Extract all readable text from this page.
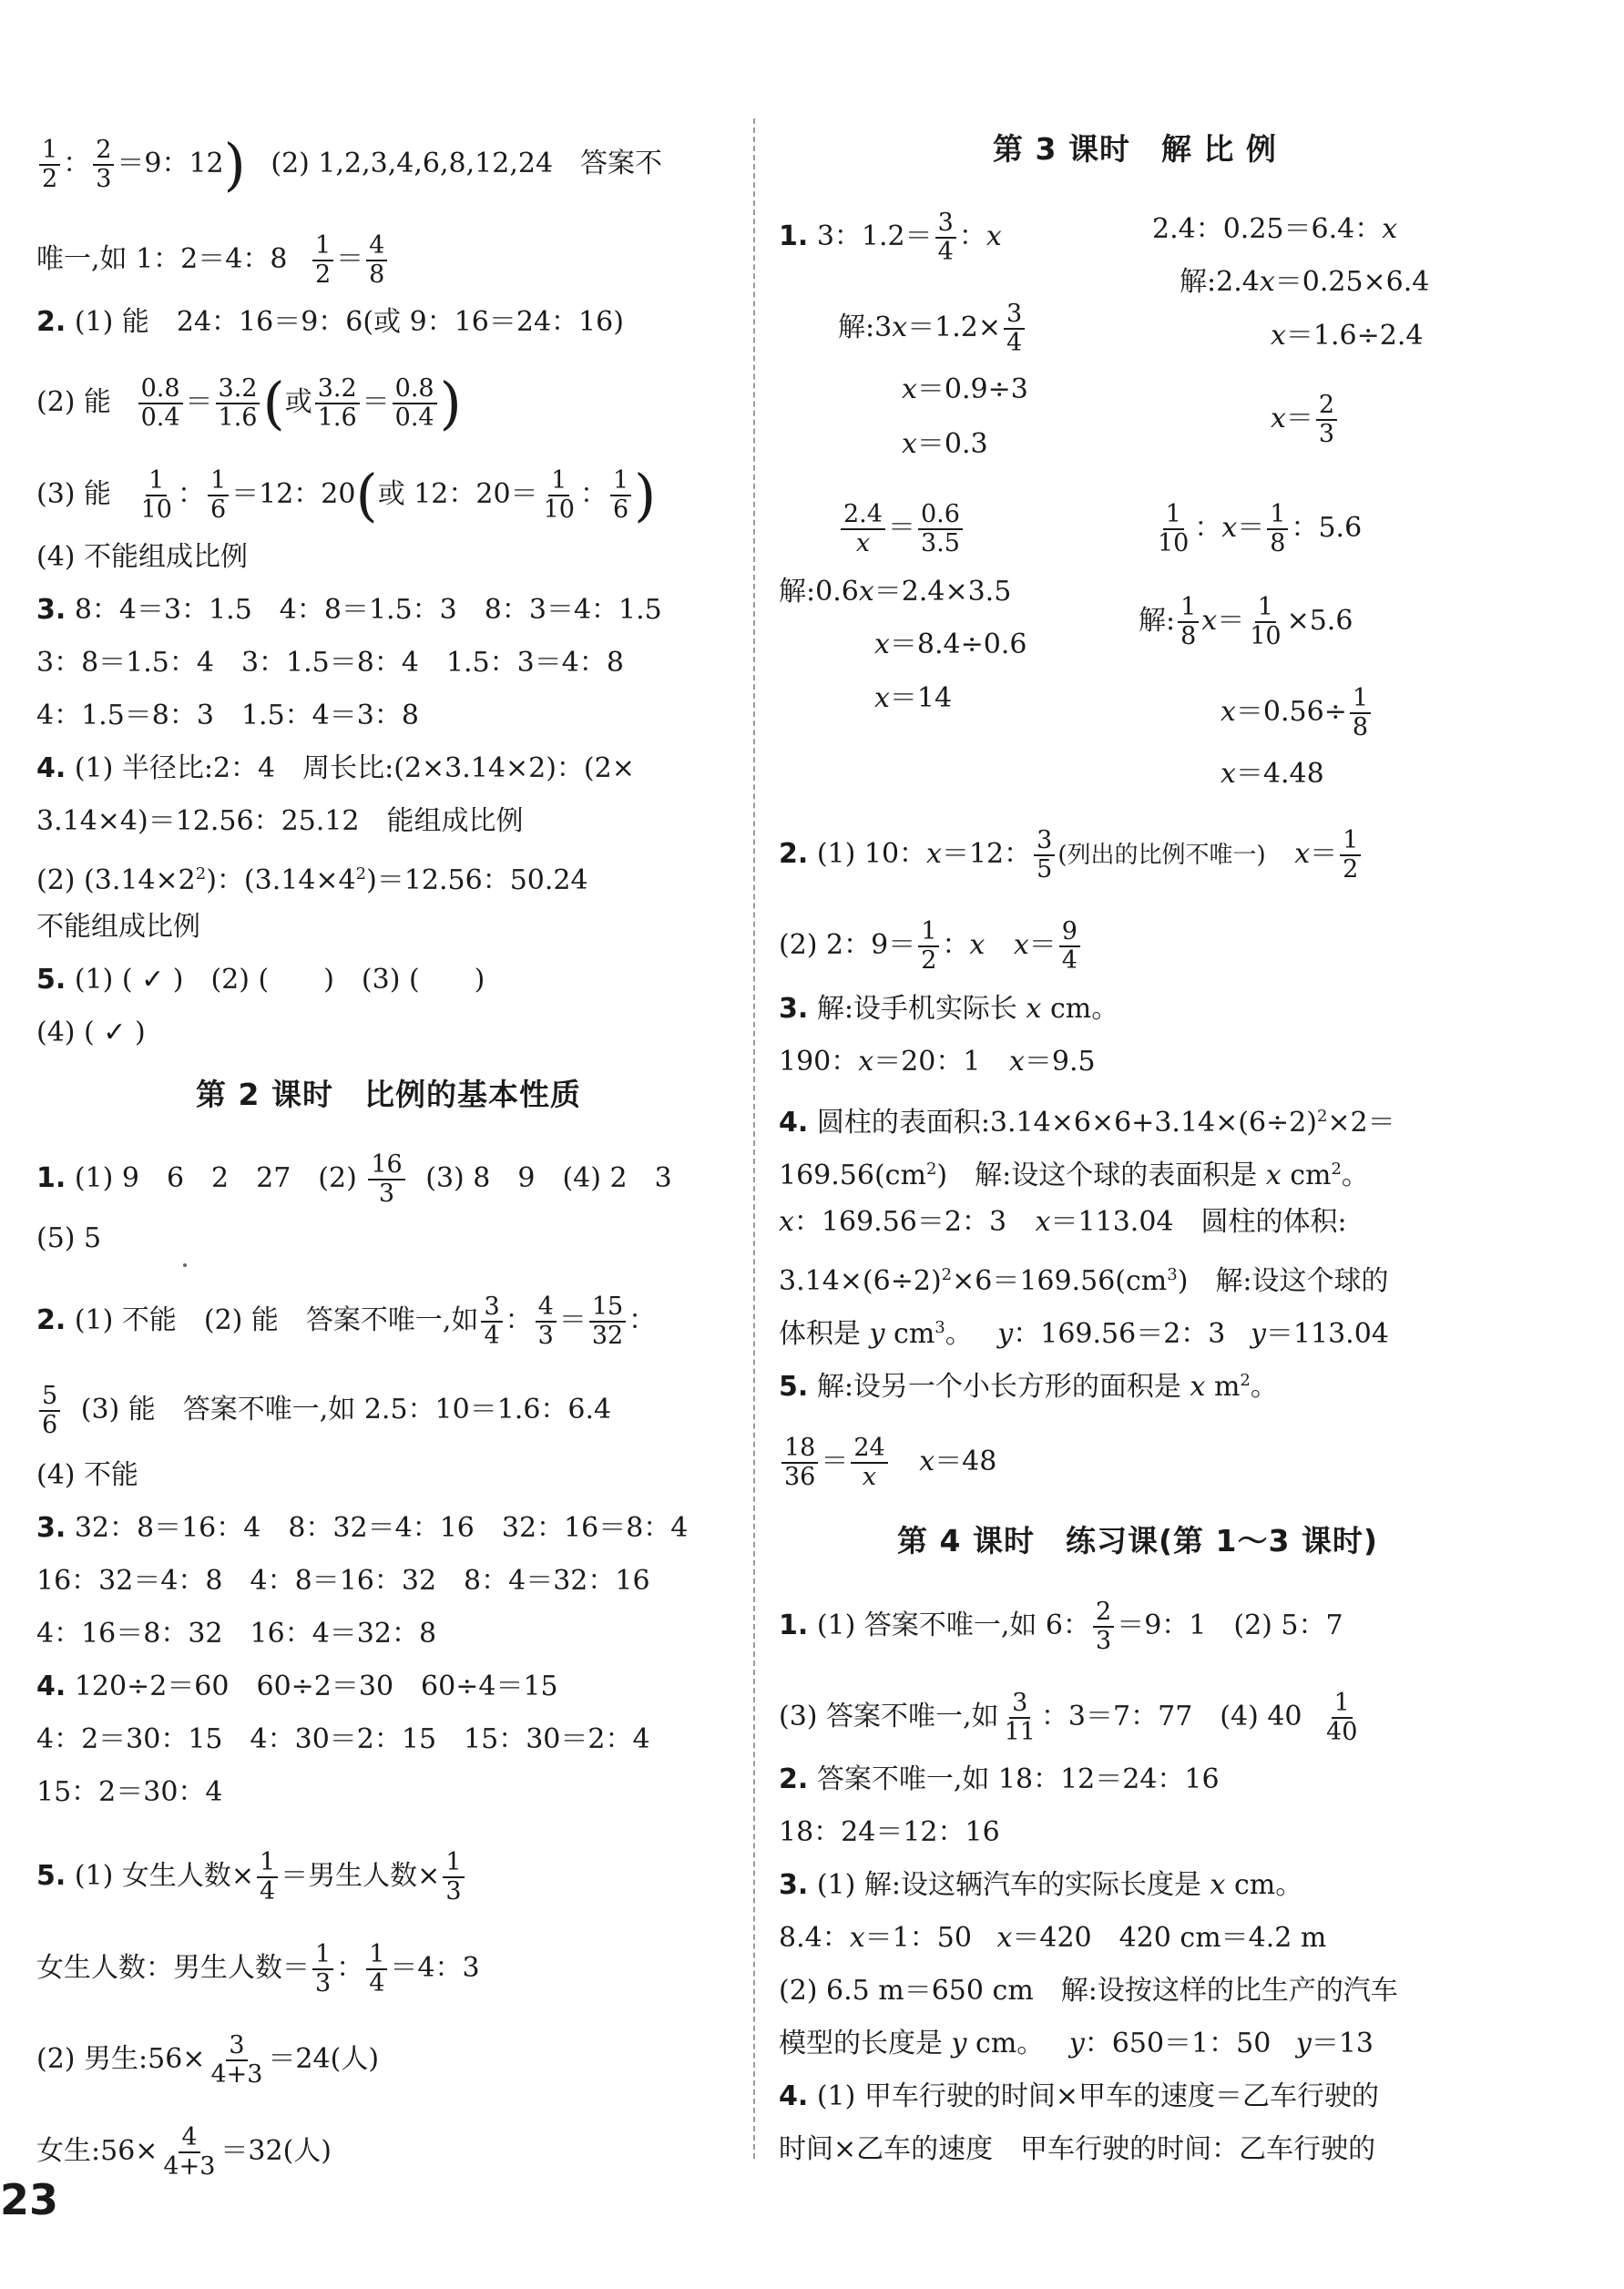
$\frac{1}{2}$ ： $\frac{2}{3} =9$：12) (2) 1,2,3,4,6,8,12,24　答案不
唯一,如 1：2＝4：$8 \frac{1}{2} = \frac{4}{8}$
2. (1) 能　24：16＝9：6(或 9：16＝24：16)
(2) 能 $\frac{0.8}{0.4} = \frac{3.2}{1.6}$ (或 $\frac{3.2}{1.6} = \frac{0.8}{0.4}$ )
(3) 能 $\frac{1}{10}$ ： $\frac{1}{6} =12$：20(或 12：$20= \frac{1}{10}$ ： $\frac{1}{6}$ )
(4) 不能组成比例
3. 8：4＝3：1.5　4：8＝1.5：3　8：3＝4：1.5
3：8＝1.5：4　3：1.5＝8：4　1.5：3＝4：8
4：1.5＝8：3　1.5：4＝3：8
4. (1) 半径比:2：4　周长比:(2×3.14×2)：(2×
3.14×4)＝12.56：25.12　能组成比例
(2) $(3.14\times 2^2)$：$(3.14\times 4^2)=12.56$：50.24
不能组成比例
5. (1) ( ✓ )　(2) (　　)　(3) (　　)
(4) ( ✓ )
第 2 课时　比例的基本性质
1. (1) 9　6　2　27　$(2) \frac{16}{3} (3)$ 8　9　(4) 2　3
(5) 5
2. (1) 不能　(2) 能　答案不唯一,如 $\frac{3}{4}$ ： $\frac{4}{3} = \frac{15}{32}$ ：
$\frac{5}{6} (3)$ 能　答案不唯一,如 2.5：10＝1.6：6.4
(4) 不能
3. 32：8＝16：4　8：32＝4：16　32：16＝8：4
16：32＝4：8　4：8＝16：32　8：4＝32：16
4：16＝8：32　16：4＝32：8
4. 120÷2＝60　60÷2＝30　60÷4＝15
4：2＝30：15　4：30＝2：15　15：30＝2：4
15：2＝30：4
5. (1) 女生人数× $\frac{1}{4}$ ＝男生人数× $\frac{1}{3}$
女生人数：男生人数＝ $\frac{1}{3}$ ： $\frac{1}{4} =4$：3
(2) 男生:56× $\frac{3}{4+3} =24$(人)
女生:56× $\frac{4}{4+3} =32$(人)
第 3 课时　解 比 例
1. 3：$1.2= \frac{3}{4}$ ：x	2.4：0.25＝6.4：x
解:3x＝1.2× $\frac{3}{4}$
解:2.4x＝0.25×6.4
x＝1.6÷2.4
x＝0.9÷3
$x= \frac{2}{3}$
x＝0.3
$\frac{2.4}{x} = \frac{0.6}{3.5}$	$\frac{1}{10}$ ：$x= \frac{1}{8}$ ：5.6
解:0.6x＝2.4×3.5
解: $\frac{1}{8} x= \frac{1}{10} \times 5.6$
x＝8.4÷0.6
x＝14	$x=0.56\div \frac{1}{8}$
x＝4.48
2. (1) 10：x＝12： $\frac{3}{5}$ (列出的比例不唯一) $x= \frac{1}{2}$
(2) 2：$9= \frac{1}{2}$ ：x $x= \frac{9}{4}$
3. 解:设手机实际长 x cm。
190：x＝20：1 x＝9.5
4. 圆柱的表面积$:3.14\times 6\times 6+3.14\times(6\div 2)^2\times 2=$
$169.56(cm^2)$　解:设这个球的表面积是 x $cm^2$。
x：169.56＝2：3 x＝113.04　圆柱的体积:
$3.14\times(6\div 2)^2\times 6=169.56(cm^3)$　解:设这个球的
体积是 y $cm^3$。 y：169.56＝2：3 y＝113.04
5. 解:设另一个小长方形的面积是 x $m^2$。
$\frac{18}{36} = \frac{24}{x} x=48$
第 4 课时　练习课(第 1～3 课时)
1. (1) 答案不唯一,如 6： $\frac{2}{3} =9$：1　(2) 5：7
(3) 答案不唯一,如 $\frac{3}{11}$ ：3＝7：77　(4) $40 \frac{1}{40}$
2. 答案不唯一,如 18：12＝24：16
18：24＝12：16
3. (1) 解:设这辆汽车的实际长度是 x cm。
8.4：x＝1：50 x＝420　420 cm＝4.2 m
(2) 6.5 m＝650 cm　解:设按这样的比生产的汽车
模型的长度是 y cm。 y：650＝1：50 y＝13
4. (1) 甲车行驶的时间×甲车的速度＝乙车行驶的
时间×乙车的速度　甲车行驶的时间：乙车行驶的
23
